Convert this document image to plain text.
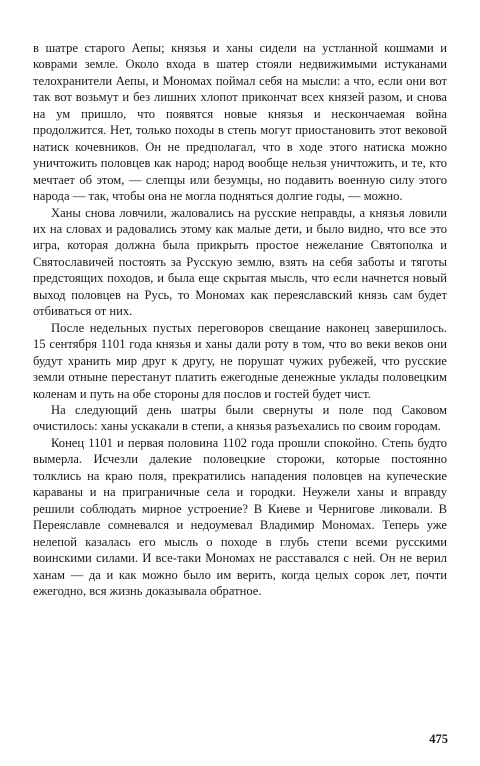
в шатре старого Аепы; князья и ханы сидели на устланной кошмами и коврами земле. Около входа в шатер стояли недвижимыми истуканами телохранители Аепы, и Мономах поймал себя на мысли: а что, если они вот так вот возьмут и без лишних хлопот прикончат всех князей разом, и снова на ум пришло, что появятся новые князья и нескончаемая война продолжится. Нет, только походы в степь могут приостановить этот вековой натиск кочевников. Он не предполагал, что в ходе этого натиска можно уничтожить половцев как народ; народ вообще нельзя уничтожить, и те, кто мечтает об этом, — слепцы или безумцы, но подавить военную силу этого народа — так, чтобы она не могла подняться долгие годы, — можно.

Ханы снова ловчили, жаловались на русские неправды, а князья ловили их на словах и радовались этому как малые дети, и было видно, что все это игра, которая должна была прикрыть простое нежелание Святополка и Святославичей постоять за Русскую землю, взять на себя заботы и тяготы предстоящих походов, и была еще скрытая мысль, что если начнется новый выход половцев на Русь, то Мономах как переяславский князь сам будет отбиваться от них.

После недельных пустых переговоров свещание наконец завершилось. 15 сентября 1101 года князья и ханы дали роту в том, что во веки веков они будут хранить мир друг к другу, не порушат чужих рубежей, что русские земли отныне перестанут платить ежегодные денежные уклады половецким коленам и путь на обе стороны для послов и гостей будет чист.

На следующий день шатры были свернуты и поле под Саковом очистилось: ханы ускакали в степи, а князья разъехались по своим городам.

Конец 1101 и первая половина 1102 года прошли спокойно. Степь будто вымерла. Исчезли далекие половецкие сторожи, которые постоянно толклись на краю поля, прекратились нападения половцев на купеческие караваны и на приграничные села и городки. Неужели ханы и вправду решили соблюдать мирное устроение? В Киеве и Чернигове ликовали. В Переяславле сомневался и недоумевал Владимир Мономах. Теперь уже нелепой казалась его мысль о походе в глубь степи всеми русскими воинскими силами. И все-таки Мономах не расставался с ней. Он не верил ханам — да и как можно было им верить, когда целых сорок лет, почти ежегодно, вся жизнь доказывала обратное.

475
